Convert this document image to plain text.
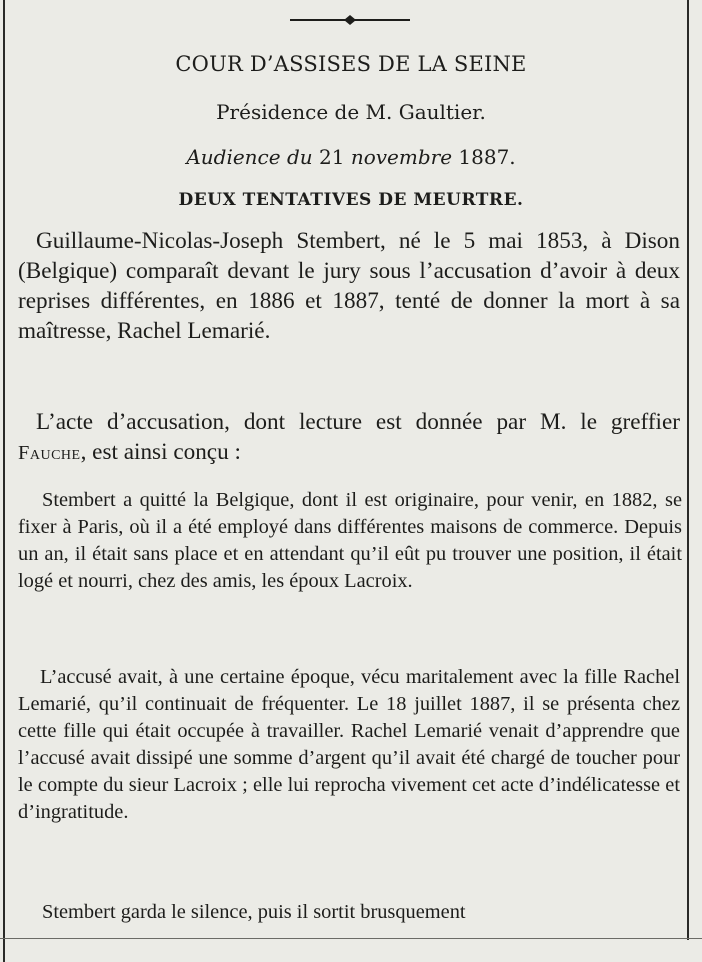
COUR D’ASSISES DE LA SEINE
Présidence de M. Gaultier.
Audience du 21 novembre 1887.
DEUX TENTATIVES DE MEURTRE.

Guillaume-Nicolas-Joseph Stembert, né le 5 mai 1853, à Dison (Belgique) comparaît devant le jury sous l’accusation d’avoir à deux reprises différentes, en 1886 et 1887, tenté de donner la mort à sa maîtresse, Rachel Lemarié.

L’acte d’accusation, dont lecture est donnée par M. le greffier Fauche, est ainsi conçu :

Stembert a quitté la Belgique, dont il est originaire, pour venir, en 1882, se fixer à Paris, où il a été employé dans différentes maisons de commerce. Depuis un an, il était sans place et en attendant qu’il eût pu trouver une position, il était logé et nourri, chez des amis, les époux Lacroix.

L’accusé avait, à une certaine époque, vécu maritalement avec la fille Rachel Lemarié, qu’il continuait de fréquenter. Le 18 juillet 1887, il se présenta chez cette fille qui était occupée à travailler. Rachel Lemarié venait d’apprendre que l’accusé avait dissipé une somme d’argent qu’il avait été chargé de toucher pour le compte du sieur Lacroix ; elle lui reprocha vivement cet acte d’indélicatesse et d’ingratitude.

Stembert garda le silence, puis il sortit brusquement
